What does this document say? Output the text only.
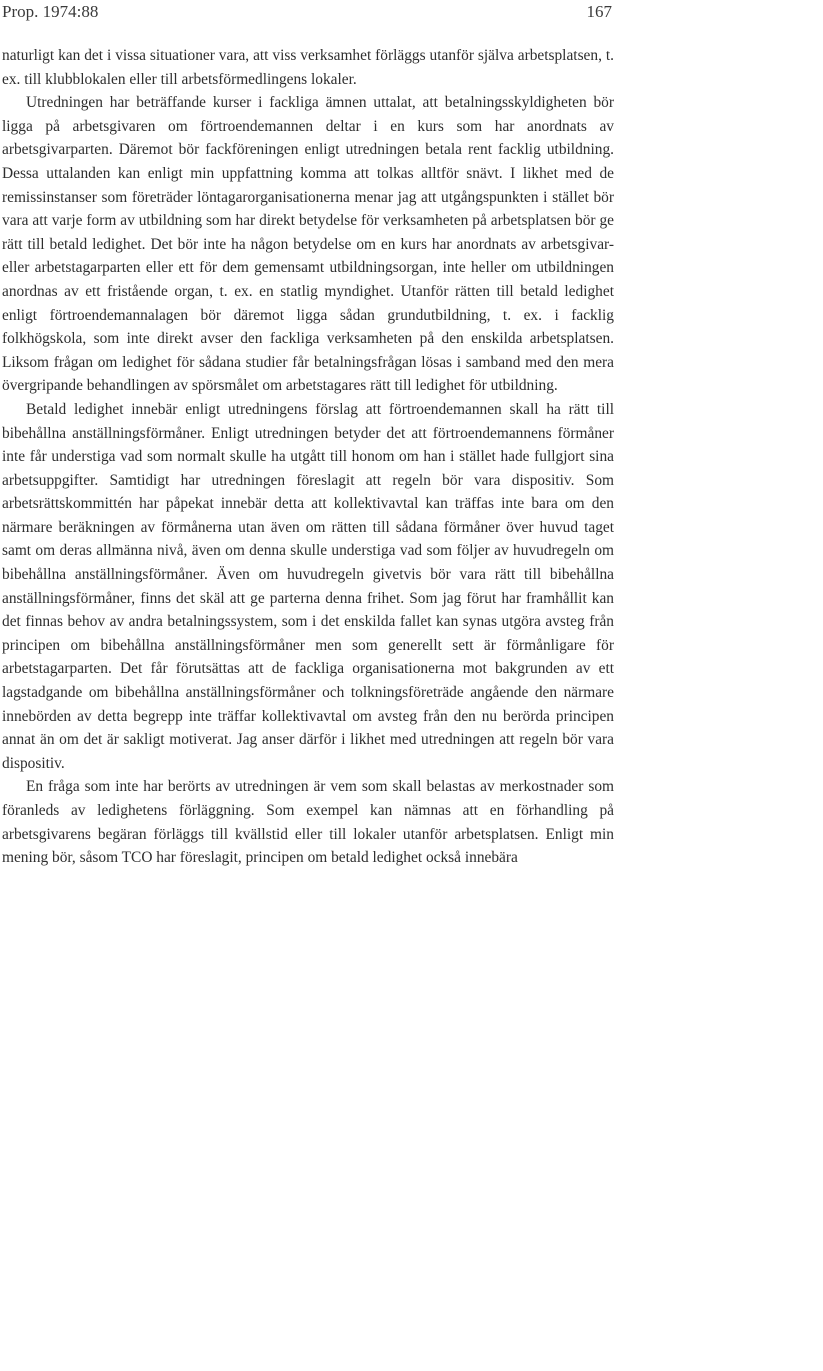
Prop. 1974:88	167

naturligt kan det i vissa situationer vara, att viss verksamhet förläggs utanför själva arbetsplatsen, t. ex. till klubblokalen eller till arbetsförmedlingens lokaler.

Utredningen har beträffande kurser i fackliga ämnen uttalat, att betalningsskyldigheten bör ligga på arbetsgivaren om förtroendemannen deltar i en kurs som har anordnats av arbetsgivarparten. Däremot bör fackföreningen enligt utredningen betala rent facklig utbildning. Dessa uttalanden kan enligt min uppfattning komma att tolkas alltför snävt. I likhet med de remissinstanser som företräder löntagarorganisationerna menar jag att utgångspunkten i stället bör vara att varje form av utbildning som har direkt betydelse för verksamheten på arbetsplatsen bör ge rätt till betald ledighet. Det bör inte ha någon betydelse om en kurs har anordnats av arbetsgivar- eller arbetstagarparten eller ett för dem gemensamt utbildningsorgan, inte heller om utbildningen anordnas av ett fristående organ, t. ex. en statlig myndighet. Utanför rätten till betald ledighet enligt förtroendemannalagen bör däremot ligga sådan grundutbildning, t. ex. i facklig folkhögskola, som inte direkt avser den fackliga verksamheten på den enskilda arbetsplatsen. Liksom frågan om ledighet för sådana studier får betalningsfrågan lösas i samband med den mera övergripande behandlingen av spörsmålet om arbetstagares rätt till ledighet för utbildning.

Betald ledighet innebär enligt utredningens förslag att förtroendemannen skall ha rätt till bibehållna anställningsförmåner. Enligt utredningen betyder det att förtroendemannens förmåner inte får understiga vad som normalt skulle ha utgått till honom om han i stället hade fullgjort sina arbetsuppgifter. Samtidigt har utredningen föreslagit att regeln bör vara dispositiv. Som arbetsrättskommittén har påpekat innebär detta att kollektivavtal kan träffas inte bara om den närmare beräkningen av förmånerna utan även om rätten till sådana förmåner över huvud taget samt om deras allmänna nivå, även om denna skulle understiga vad som följer av huvudregeln om bibehållna anställningsförmåner. Även om huvudregeln givetvis bör vara rätt till bibehållna anställningsförmåner, finns det skäl att ge parterna denna frihet. Som jag förut har framhållit kan det finnas behov av andra betalningssystem, som i det enskilda fallet kan synas utgöra avsteg från principen om bibehållna anställningsförmåner men som generellt sett är förmånligare för arbetstagarparten. Det får förutsättas att de fackliga organisationerna mot bakgrunden av ett lagstadgande om bibehållna anställningsförmåner och tolkningsföreträde angående den närmare innebörden av detta begrepp inte träffar kollektivavtal om avsteg från den nu berörda principen annat än om det är sakligt motiverat. Jag anser därför i likhet med utredningen att regeln bör vara dispositiv.

En fråga som inte har berörts av utredningen är vem som skall belastas av merkostnader som föranleds av ledighetens förläggning. Som exempel kan nämnas att en förhandling på arbetsgivarens begäran förläggs till kvällstid eller till lokaler utanför arbetsplatsen. Enligt min mening bör, såsom TCO har föreslagit, principen om betald ledighet också innebära
